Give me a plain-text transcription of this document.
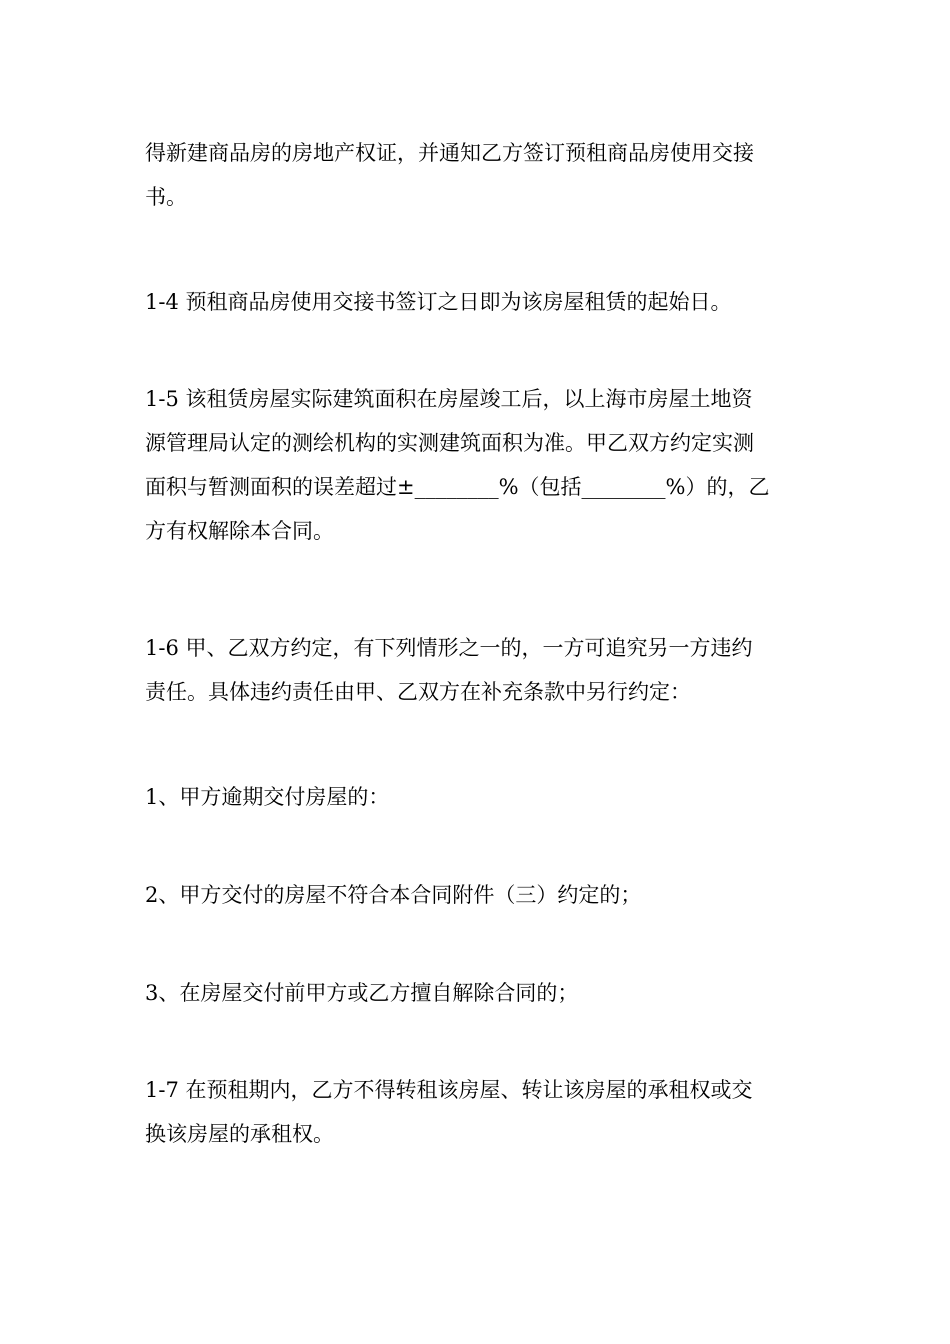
得新建商品房的房地产权证，并通知乙方签订预租商品房使用交接
书。
1-4 预租商品房使用交接书签订之日即为该房屋租赁的起始日。
1-5 该租赁房屋实际建筑面积在房屋竣工后，以上海市房屋土地资
源管理局认定的测绘机构的实测建筑面积为准。甲乙双方约定实测
面积与暂测面积的误差超过±________%（包括________%）的，乙
方有权解除本合同。
1-6 甲、乙双方约定，有下列情形之一的，一方可追究另一方违约
责任。具体违约责任由甲、乙双方在补充条款中另行约定：
1、甲方逾期交付房屋的：
2、甲方交付的房屋不符合本合同附件（三）约定的；
3、在房屋交付前甲方或乙方擅自解除合同的；
1-7 在预租期内，乙方不得转租该房屋、转让该房屋的承租权或交
换该房屋的承租权。
